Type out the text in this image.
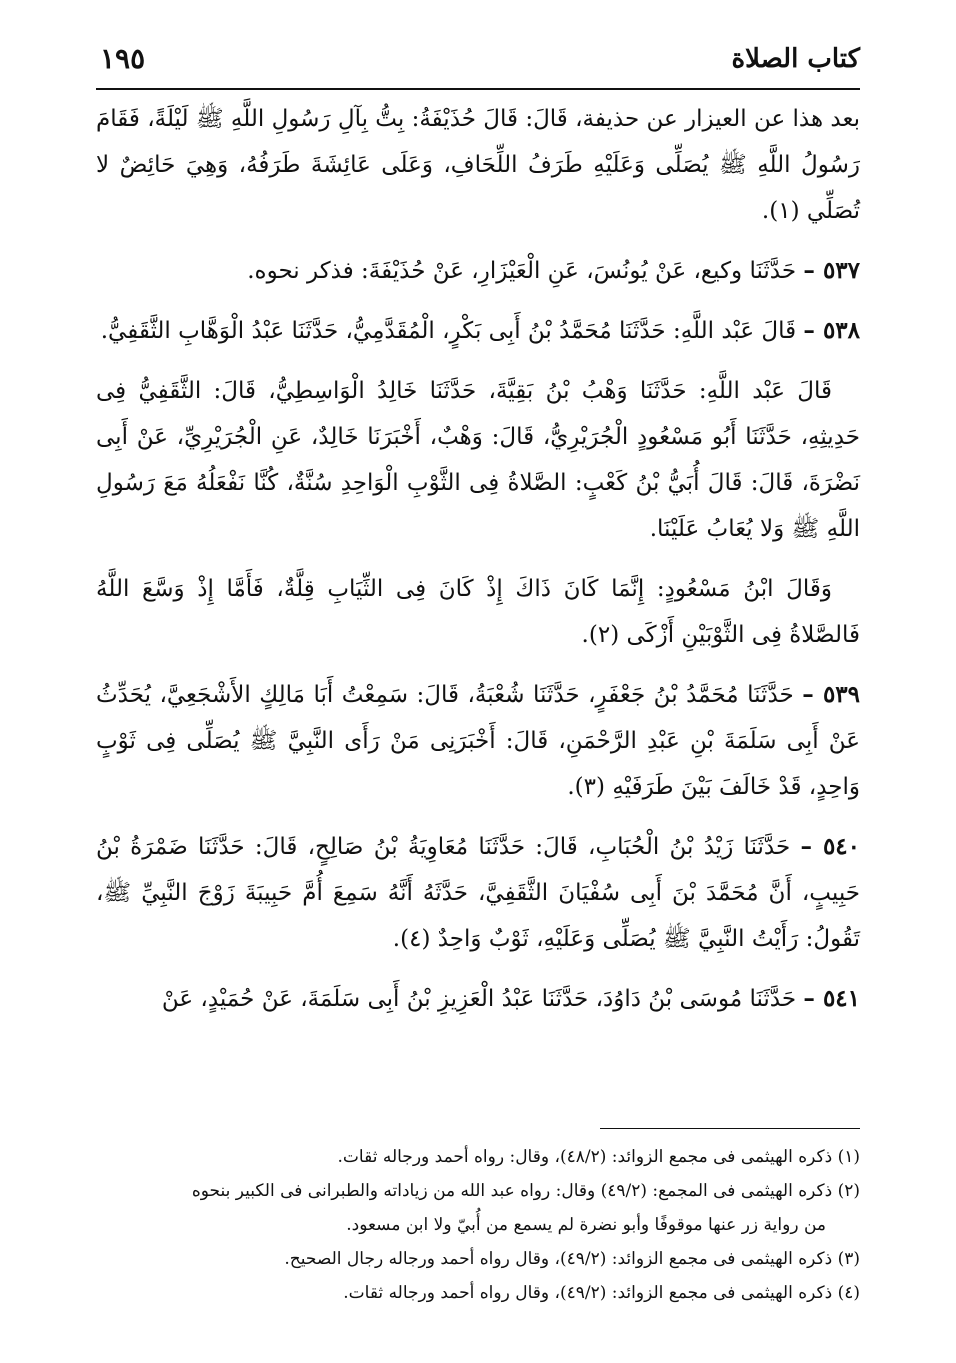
كتاب الصلاة
١٩٥

بعد هذا عن العيزار عن حذيفة، قَالَ: قَالَ حُذَيْفَةُ: بِتُّ بِآلِ رَسُولِ اللَّهِ ﷺ لَيْلَةً، فَقَامَ رَسُولُ اللَّهِ ﷺ يُصَلِّى وَعَلَيْهِ طَرَفُ اللِّحَافِ، وَعَلَى عَائِشَةَ طَرَفُهُ، وَهِيَ حَائِضٌ لا تُصَلِّي (١).

٥٣٧ – حَدَّثَنَا وكيع، عَنْ يُونُسَ، عَنِ الْعَيْزَارِ، عَنْ حُذَيْفَةَ: فذكر نحوه.

٥٣٨ – قَالَ عَبْد اللَّهِ: حَدَّثَنَا مُحَمَّدُ بْنُ أَبِى بَكْرٍ، الْمُقَدَّمِيُّ، حَدَّثَنَا عَبْدُ الْوَهَّابِ الثَّقَفِيُّ.

قَالَ عَبْد اللَّهِ: حَدَّثَنَا وَهْبُ بْنُ بَقِيَّةَ، حَدَّثَنَا خَالِدُ الْوَاسِطِيُّ، قَالَ: الثَّقَفِيُّ فِى حَدِيثِهِ، حَدَّثَنَا أَبُو مَسْعُودٍ الْجُرَيْرِيُّ، قَالَ: وَهْبٌ، أَخْبَرَنَا خَالِدٌ، عَنِ الْجُرَيْرِيِّ، عَنْ أَبِى نَضْرَةَ، قَالَ: قَالَ أُبَيُّ بْنُ كَعْبٍ: الصَّلاةُ فِى الثَّوْبِ الْوَاحِدِ سُنَّةٌ، كُنَّا نَفْعَلُهُ مَعَ رَسُولِ اللَّهِ ﷺ وَلا يُعَابُ عَلَيْنَا.

وَقَالَ ابْنُ مَسْعُودٍ: إِنَّمَا كَانَ ذَاكَ إِذْ كَانَ فِى الثِّيَابِ قِلَّةٌ، فَأَمَّا إِذْ وَسَّعَ اللَّهُ فَالصَّلاةُ فِى الثَّوْبَيْنِ أَزْكَى (٢).

٥٣٩ – حَدَّثَنَا مُحَمَّدُ بْنُ جَعْفَرٍ، حَدَّثَنَا شُعْبَةُ، قَالَ: سَمِعْتُ أَبَا مَالِكٍ الأَشْجَعِيَّ، يُحَدِّثُ عَنْ أَبِى سَلَمَةَ بْنِ عَبْدِ الرَّحْمَنِ، قَالَ: أَخْبَرَنِى مَنْ رَأَى النَّبِيَّ ﷺ يُصَلِّى فِى ثَوْبٍ وَاحِدٍ، قَدْ خَالَفَ بَيْنَ طَرَفَيْهِ (٣).

٥٤٠ – حَدَّثَنَا زَيْدُ بْنُ الْحُبَابِ، قَالَ: حَدَّثَنَا مُعَاوِيَةُ بْنُ صَالِحٍ، قَالَ: حَدَّثَنَا ضَمْرَةُ بْنُ حَبِيبٍ، أَنَّ مُحَمَّدَ بْنَ أَبِى سُفْيَانَ الثَّقَفِيَّ، حَدَّثَهُ أَنَّهُ سَمِعَ أُمَّ حَبِيبَةَ زَوْجَ النَّبِيِّ ﷺ، تَقُولُ: رَأَيْتُ النَّبِيَّ ﷺ يُصَلِّى وَعَلَيْهِ، ثَوْبٌ وَاحِدٌ (٤).

٥٤١ – حَدَّثَنَا مُوسَى بْنُ دَاوُدَ، حَدَّثَنَا عَبْدُ الْعَزِيزِ بْنُ أَبِى سَلَمَةَ، عَنْ حُمَيْدٍ، عَنْ

(١) ذكره الهيثمى فى مجمع الزوائد: (٤٨/٢)، وقال: رواه أحمد ورجاله ثقات.

(٢) ذكره الهيثمى فى المجمع: (٤٩/٢) وقال: رواه عبد الله من زياداته والطبرانى فى الكبير بنحوه
من رواية زر عنها موقوفًا وأبو نضرة لم يسمع من أُبيّ ولا ابن مسعود.

(٣) ذكره الهيثمى فى مجمع الزوائد: (٤٩/٢)، وقال رواه أحمد ورجاله رجال الصحيح.

(٤) ذكره الهيثمى فى مجمع الزوائد: (٤٩/٢)، وقال رواه أحمد ورجاله ثقات.
